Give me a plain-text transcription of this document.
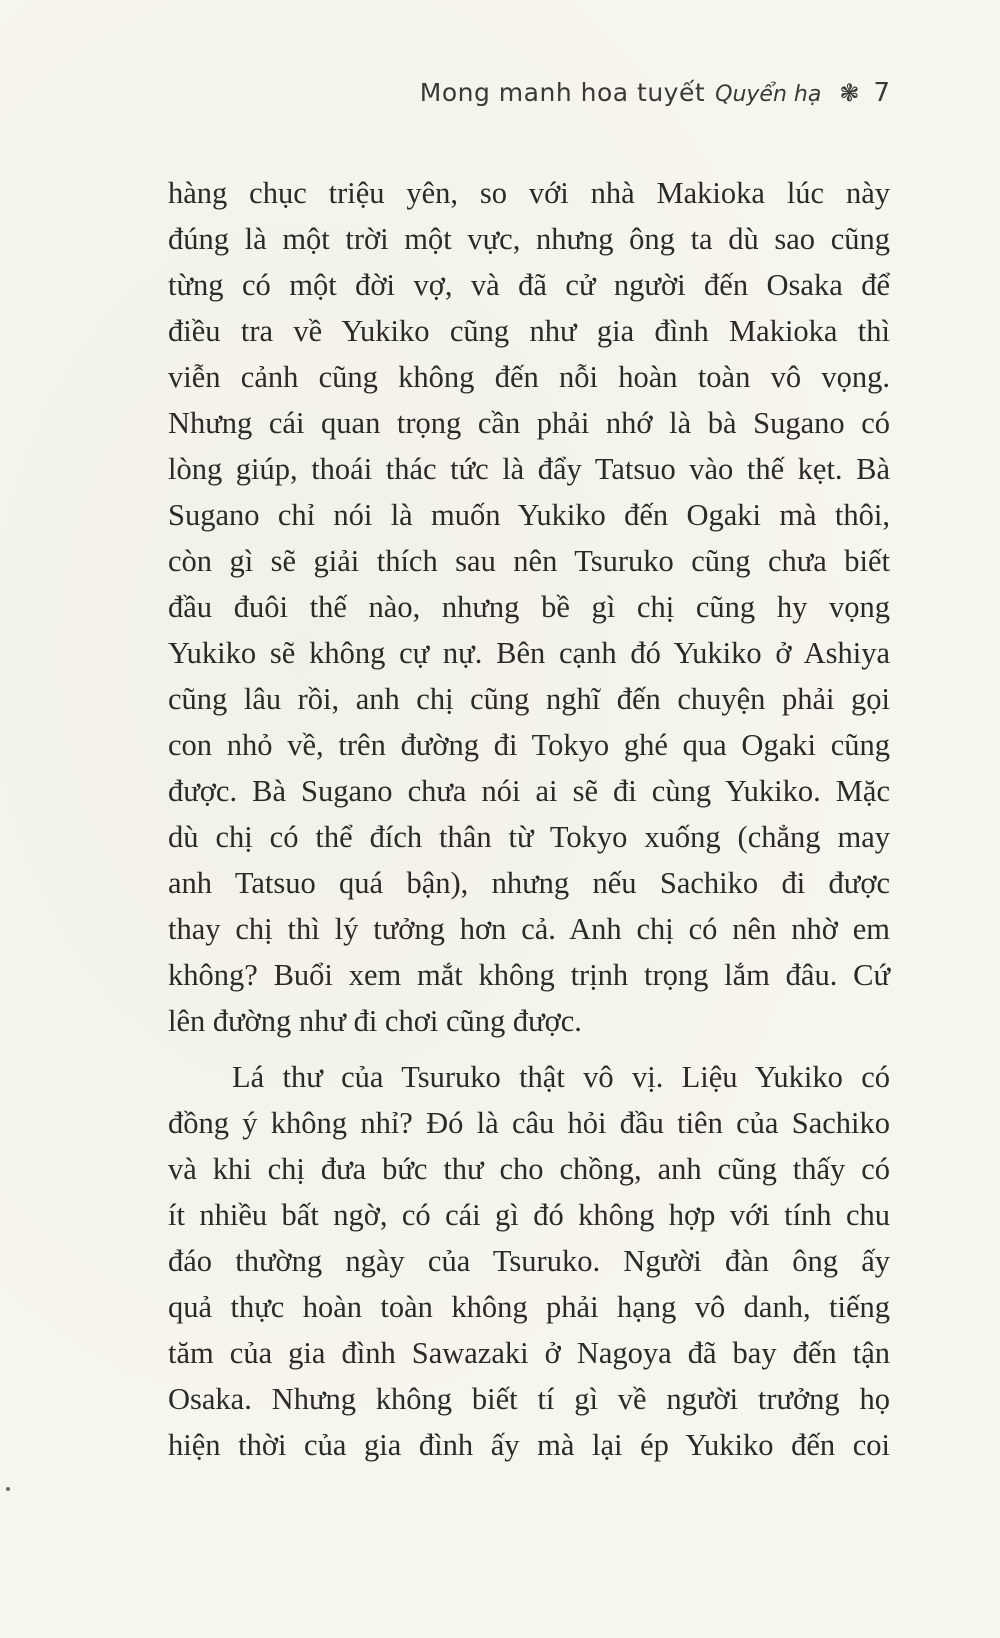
Mong manh hoa tuyết Quyển hạ ❃ 7
hàng chục triệu yên, so với nhà Makioka lúc này
đúng là một trời một vực, nhưng ông ta dù sao cũng
từng có một đời vợ, và đã cử người đến Osaka để
điều tra về Yukiko cũng như gia đình Makioka thì
viễn cảnh cũng không đến nỗi hoàn toàn vô vọng.
Nhưng cái quan trọng cần phải nhớ là bà Sugano có
lòng giúp, thoái thác tức là đẩy Tatsuo vào thế kẹt. Bà
Sugano chỉ nói là muốn Yukiko đến Ogaki mà thôi,
còn gì sẽ giải thích sau nên Tsuruko cũng chưa biết
đầu đuôi thế nào, nhưng bề gì chị cũng hy vọng
Yukiko sẽ không cự nự. Bên cạnh đó Yukiko ở Ashiya
cũng lâu rồi, anh chị cũng nghĩ đến chuyện phải gọi
con nhỏ về, trên đường đi Tokyo ghé qua Ogaki cũng
được. Bà Sugano chưa nói ai sẽ đi cùng Yukiko. Mặc
dù chị có thể đích thân từ Tokyo xuống (chẳng may
anh Tatsuo quá bận), nhưng nếu Sachiko đi được
thay chị thì lý tưởng hơn cả. Anh chị có nên nhờ em
không? Buổi xem mắt không trịnh trọng lắm đâu. Cứ
lên đường như đi chơi cũng được.
Lá thư của Tsuruko thật vô vị. Liệu Yukiko có
đồng ý không nhỉ? Đó là câu hỏi đầu tiên của Sachiko
và khi chị đưa bức thư cho chồng, anh cũng thấy có
ít nhiều bất ngờ, có cái gì đó không hợp với tính chu
đáo thường ngày của Tsuruko. Người đàn ông ấy
quả thực hoàn toàn không phải hạng vô danh, tiếng
tăm của gia đình Sawazaki ở Nagoya đã bay đến tận
Osaka. Nhưng không biết tí gì về người trưởng họ
hiện thời của gia đình ấy mà lại ép Yukiko đến coi
